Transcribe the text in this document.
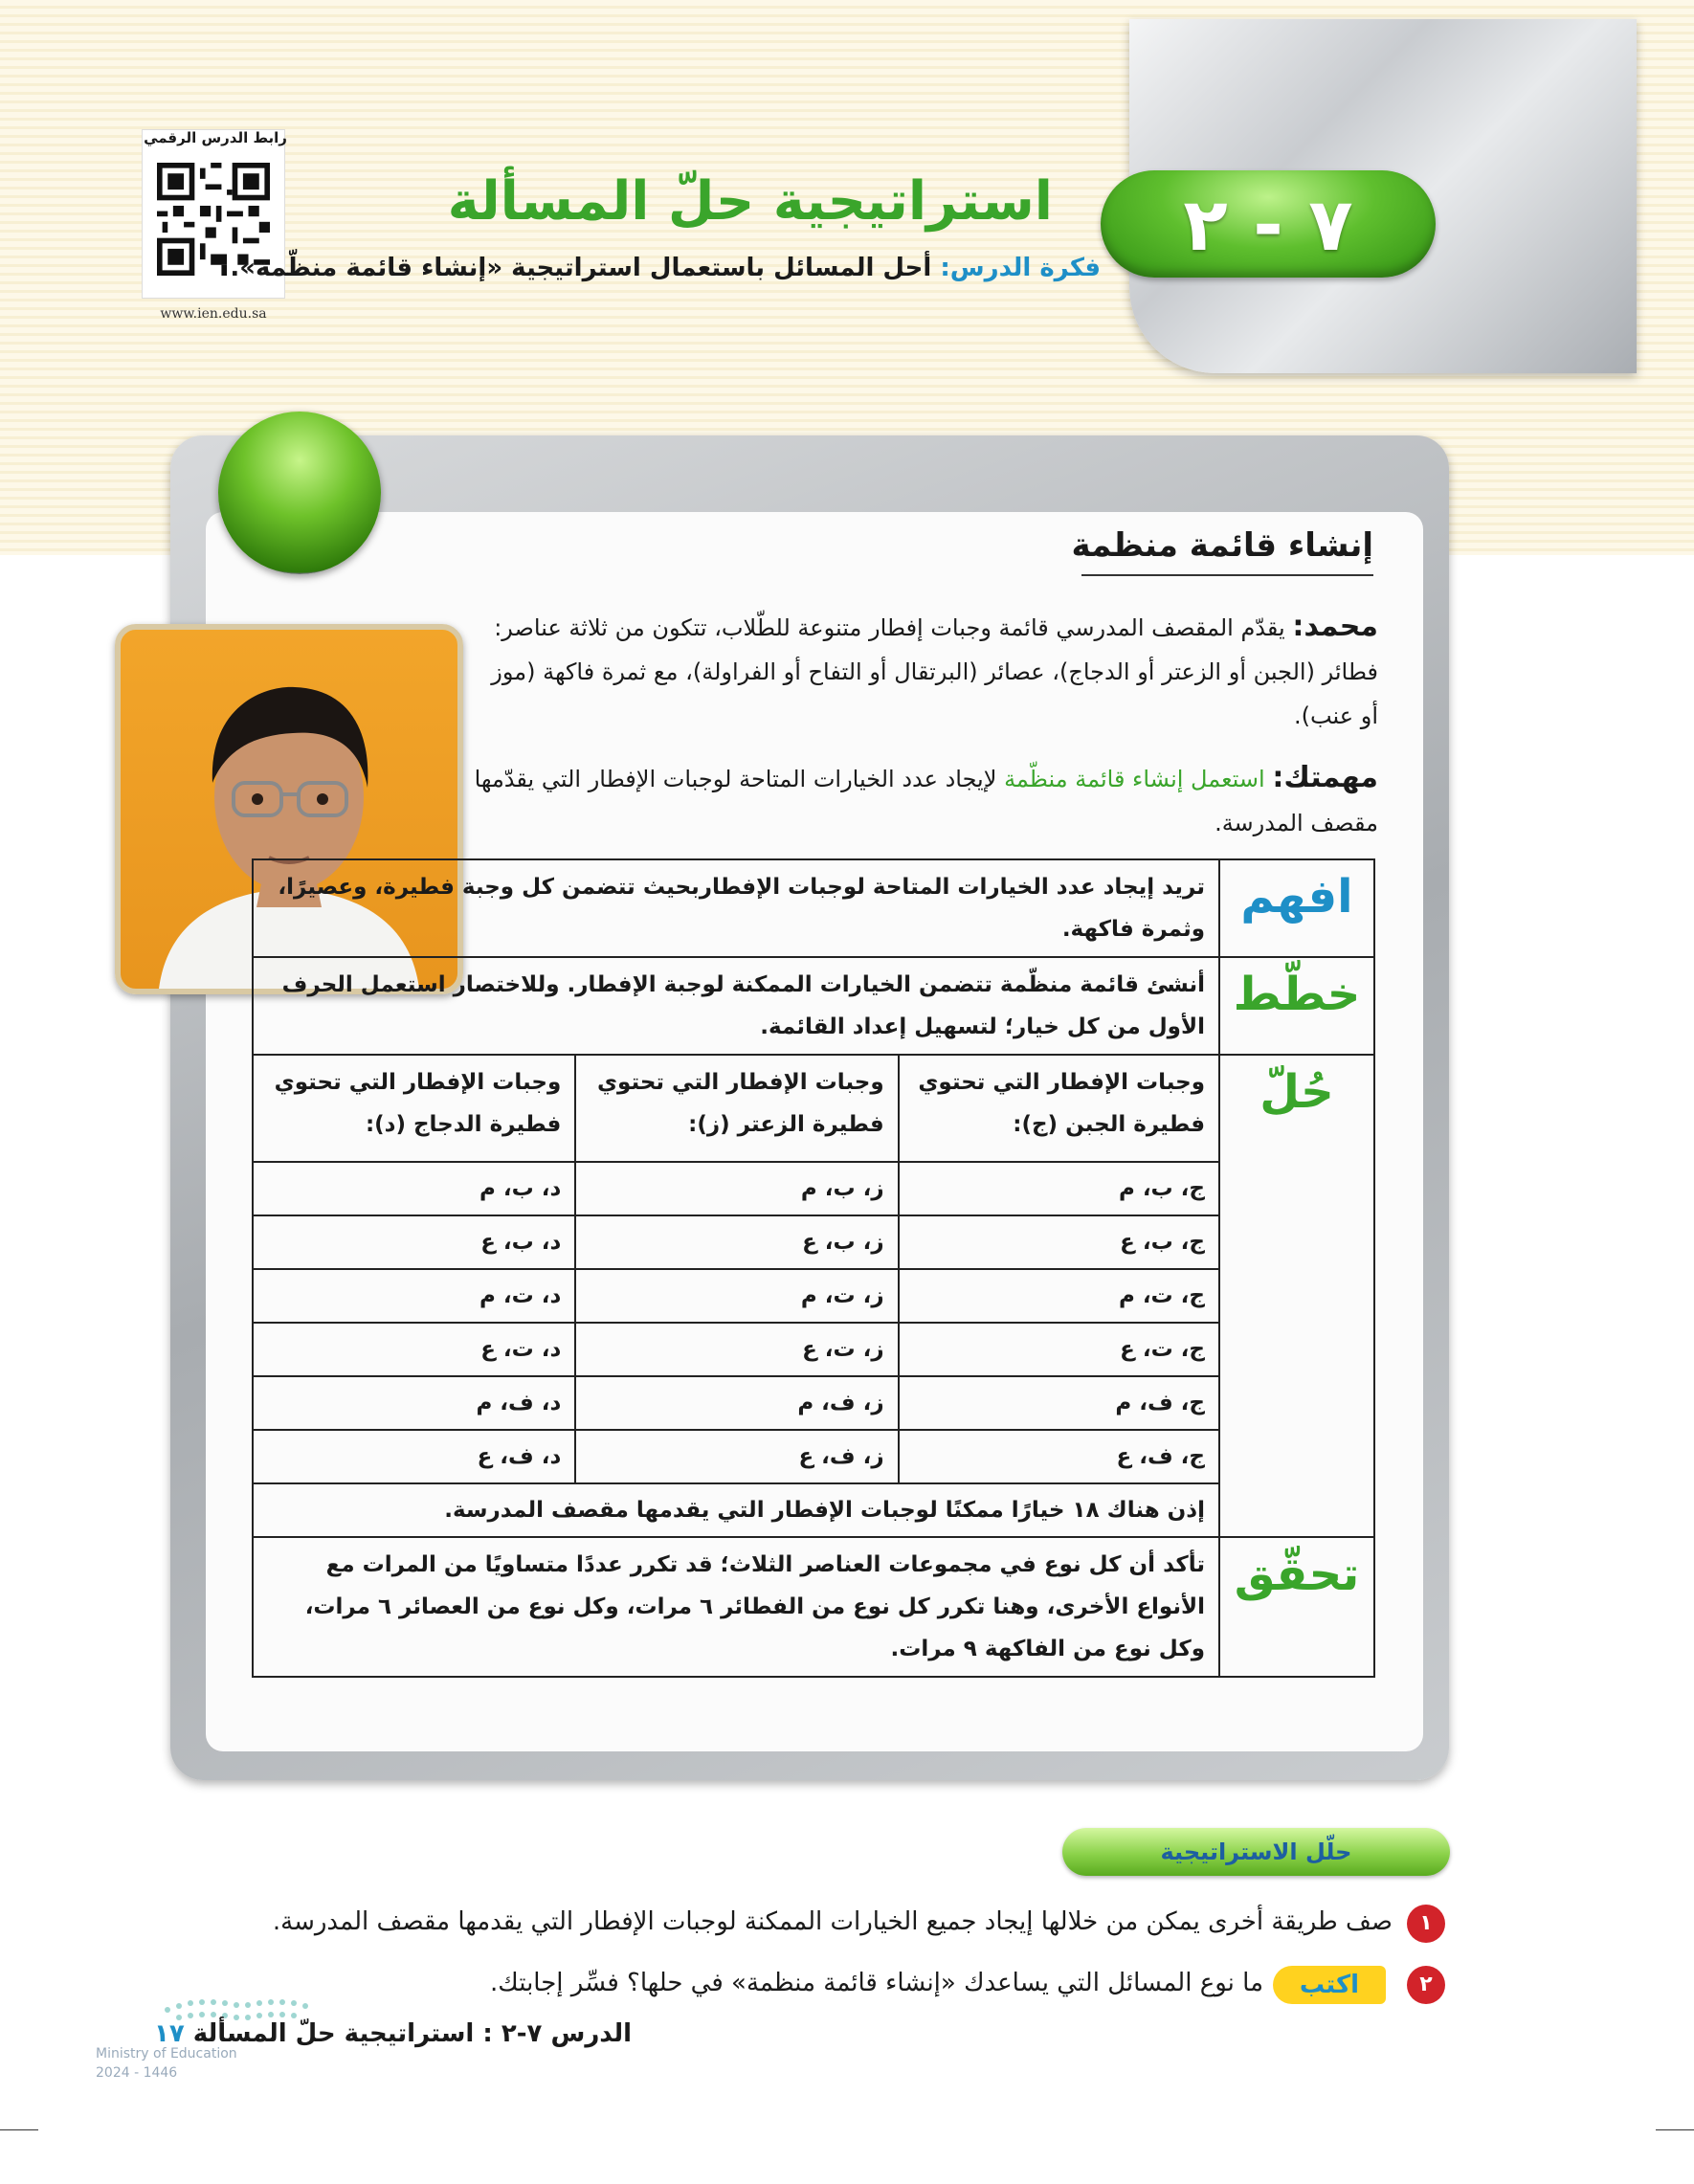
رابط الدرس الرقمي
www.ien.edu.sa
٧ - ٢
استراتيجية حلّ المسألة
فكرة الدرس: أحل المسائل باستعمال استراتيجية «إنشاء قائمة منظّمة».
إنشاء قائمة منظمة
محمد: يقدّم المقصف المدرسي قائمة وجبات إفطار متنوعة للطّلاب، تتكون من ثلاثة عناصر: فطائر (الجبن أو الزعتر أو الدجاج)، عصائر (البرتقال أو التفاح أو الفراولة)، مع ثمرة فاكهة (موز أو عنب).
مهمتك: استعمل إنشاء قائمة منظّمة لإيجاد عدد الخيارات المتاحة لوجبات الإفطار التي يقدّمها مقصف المدرسة.
افهم	تريد إيجاد عدد الخيارات المتاحة لوجبات الإفطاربحيث تتضمن كل وجبة فطيرة، وعصيرًا، وثمرة فاكهة.
خطّط	أنشئ قائمة منظّمة تتضمن الخيارات الممكنة لوجبة الإفطار. وللاختصار استعمل الحرف الأول من كل خيار؛ لتسهيل إعداد القائمة.
حُلّ	
وجبات الإفطار التي تحتوي فطيرة الجبن (ج):	وجبات الإفطار التي تحتوي فطيرة الزعتر (ز):	وجبات الإفطار التي تحتوي فطيرة الدجاج (د):
ج، ب، م	ز، ب، م	د، ب، م
ج، ب، ع	ز، ب، ع	د، ب، ع
ج، ت، م	ز، ت، م	د، ت، م
ج، ت، ع	ز، ت، ع	د، ت، ع
ج، ف، م	ز، ف، م	د، ف، م
ج، ف، ع	ز، ف، ع	د، ف، ع
إذن هناك ١٨ خيارًا ممكنًا لوجبات الإفطار التي يقدمها مقصف المدرسة.

تحقّق	تأكد أن كل نوع في مجموعات العناصر الثلاث؛ قد تكرر عددًا متساويًا من المرات مع الأنواع الأخرى، وهنا تكرر كل نوع من الفطائر ٦ مرات، وكل نوع من العصائر ٦ مرات، وكل نوع من الفاكهة ٩ مرات.
حلّل الاستراتيجية
١
صف طريقة أخرى يمكن من خلالها إيجاد جميع الخيارات الممكنة لوجبات الإفطار التي يقدمها مقصف المدرسة.
٢
اكتب
ما نوع المسائل التي يساعدك «إنشاء قائمة منظمة» في حلها؟ فسِّر إجابتك.
Ministry of Education
2024 - 1446
الدرس ٧-٢ : استراتيجية حلّ المسألة ١٧
